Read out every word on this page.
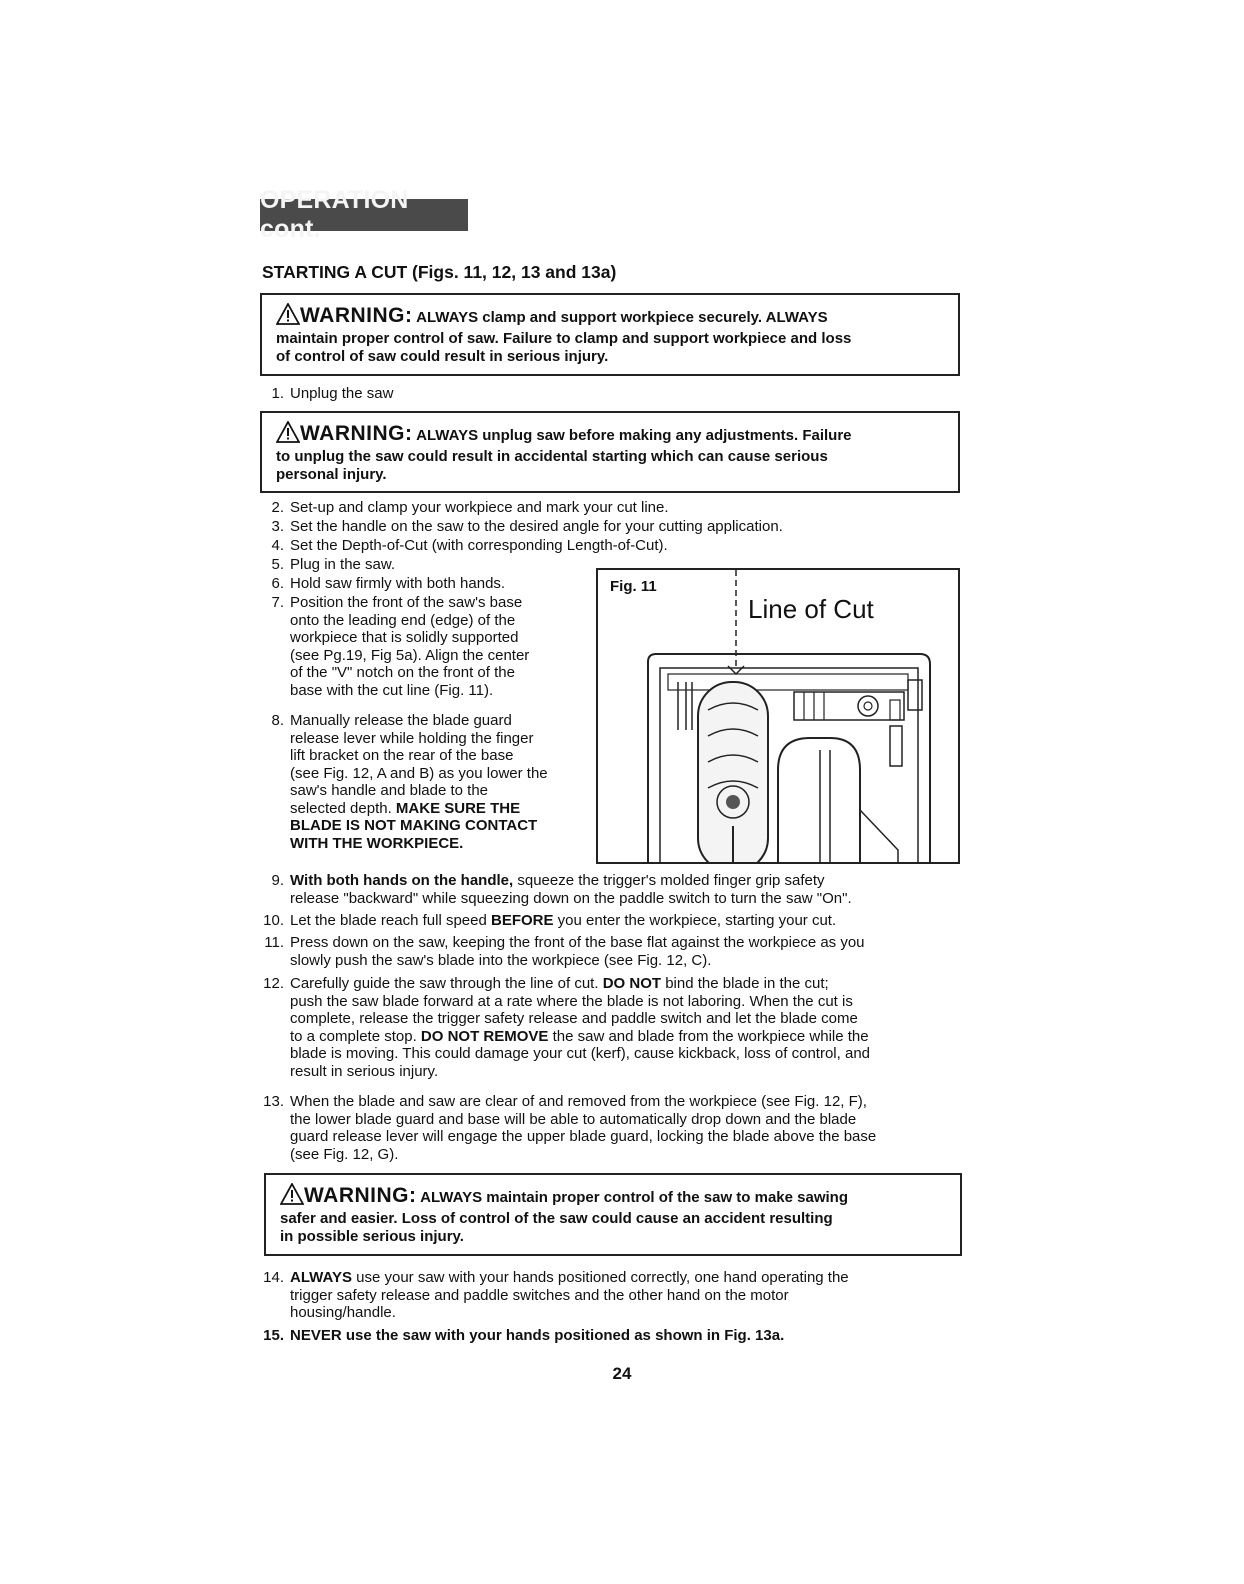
OPERATION cont.
STARTING A CUT (Figs. 11, 12, 13 and 13a)
WARNING: ALWAYS clamp and support workpiece securely. ALWAYS
maintain proper control of saw. Failure to clamp and support workpiece and loss
of control of saw could result in serious injury.
1. Unplug the saw
WARNING: ALWAYS unplug saw before making any adjustments. Failure
to unplug the saw could result in accidental starting which can cause serious
personal injury.
2. Set-up and clamp your workpiece and mark your cut line.
3. Set the handle on the saw to the desired angle for your cutting application.
4. Set the Depth-of-Cut (with corresponding Length-of-Cut).
5. Plug in the saw.
6. Hold saw firmly with both hands.
7. Position the front of the saw's base
onto the leading end (edge) of the
workpiece that is solidly supported
(see Pg.19, Fig 5a). Align the center
of the "V" notch on the front of the
base with the cut line (Fig. 11).
8. Manually release the blade guard
release lever while holding the finger
lift bracket on the rear of the base
(see Fig. 12, A and B) as you lower the
saw's handle and blade to the
selected depth. MAKE SURE THE
BLADE IS NOT MAKING CONTACT
WITH THE WORKPIECE.
Fig. 11
Line of Cut
9. With both hands on the handle, squeeze the trigger's molded finger grip safety
release "backward" while squeezing down on the paddle switch to turn the saw "On".
10. Let the blade reach full speed BEFORE you enter the workpiece, starting your cut.
11. Press down on the saw, keeping the front of the base flat against the workpiece as you
slowly push the saw's blade into the workpiece (see Fig. 12, C).
12. Carefully guide the saw through the line of cut. DO NOT bind the blade in the cut;
push the saw blade forward at a rate where the blade is not laboring. When the cut is
complete, release the trigger safety release and paddle switch and let the blade come
to a complete stop. DO NOT REMOVE the saw and blade from the workpiece while the
blade is moving. This could damage your cut (kerf), cause kickback, loss of control, and
result in serious injury.
13. When the blade and saw are clear of and removed from the workpiece (see Fig. 12, F),
the lower blade guard and base will be able to automatically drop down and the blade
guard release lever will engage the upper blade guard, locking the blade above the base
(see Fig. 12, G).
WARNING: ALWAYS maintain proper control of the saw to make sawing
safer and easier. Loss of control of the saw could cause an accident resulting
in possible serious injury.
14. ALWAYS use your saw with your hands positioned correctly, one hand operating the
trigger safety release and paddle switches and the other hand on the motor
housing/handle.
15. NEVER use the saw with your hands positioned as shown in Fig. 13a.
24
